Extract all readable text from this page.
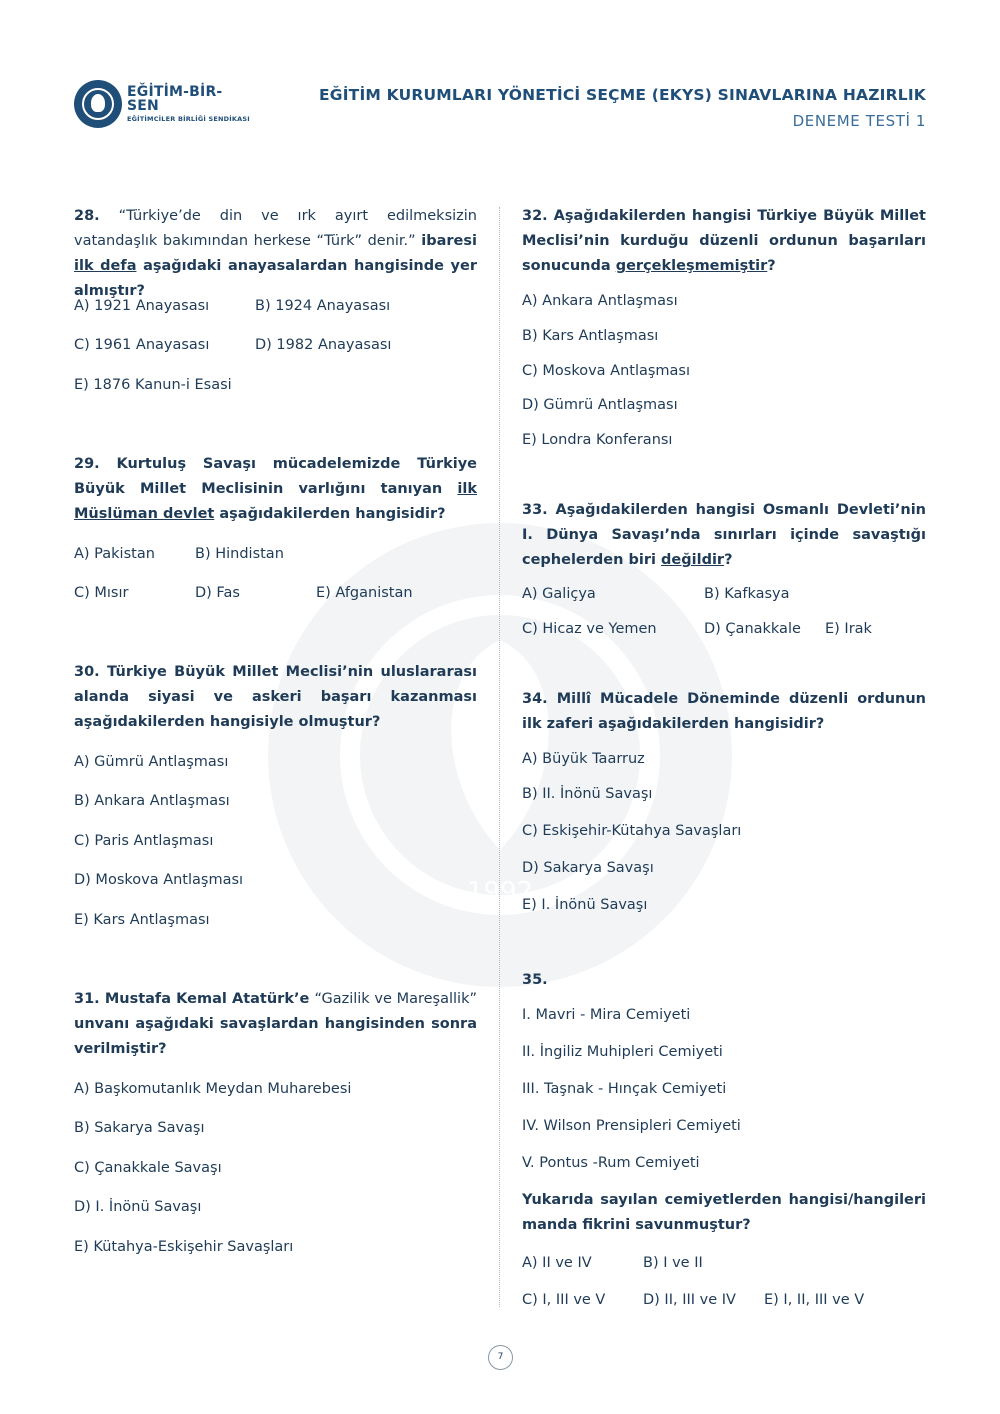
EĞİTİM-BİR-SEN
EĞİTİMCİLER BİRLİĞİ SENDİKASI
EĞİTİM KURUMLARI YÖNETİCİ SEÇME (EKYS) SINAVLARINA HAZIRLIK
DENEME TESTİ 1
1992
28. “Türkiye’de din ve ırk ayırt edilmeksizin vatandaşlık bakımından herkese “Türk” denir.” ibaresi ilk defa aşağıdaki anayasalardan hangisinde yer almıştır?
A) 1921 Anayasası	B) 1924 Anayasası
C) 1961 Anayasası	D) 1982 Anayasası
E) 1876 Kanun-i Esasi
29. Kurtuluş Savaşı mücadelemizde Türkiye Büyük Millet Meclisinin varlığını tanıyan ilk Müslüman devlet aşağıdakilerden hangisidir?
A) Pakistan	B) Hindistan
C) Mısır	D) Fas	E) Afganistan
30. Türkiye Büyük Millet Meclisi’nin uluslararası alanda siyasi ve askeri başarı kazanması aşağıdakilerden hangisiyle olmuştur?
A) Gümrü Antlaşması
B) Ankara Antlaşması
C) Paris Antlaşması
D) Moskova Antlaşması
E) Kars Antlaşması
31. Mustafa Kemal Atatürk’e “Gazilik ve Mareşallik” unvanı aşağıdaki savaşlardan hangisinden sonra verilmiştir?
A) Başkomutanlık Meydan Muharebesi
B) Sakarya Savaşı
C) Çanakkale Savaşı
D) I. İnönü Savaşı
E) Kütahya-Eskişehir Savaşları
32. Aşağıdakilerden hangisi Türkiye Büyük Millet Meclisi’nin kurduğu düzenli ordunun başarıları sonucunda gerçekleşmemiştir?
A) Ankara Antlaşması
B) Kars Antlaşması
C) Moskova Antlaşması
D) Gümrü Antlaşması
E) Londra Konferansı
33. Aşağıdakilerden hangisi Osmanlı Devleti’nin I. Dünya Savaşı’nda sınırları içinde savaştığı cephelerden biri değildir?
A) Galiçya	B) Kafkasya
C) Hicaz ve Yemen	D) Çanakkale E) Irak
34. Millî Mücadele Döneminde düzenli ordunun ilk zaferi aşağıdakilerden hangisidir?
A) Büyük Taarruz
B) II. İnönü Savaşı
C) Eskişehir-Kütahya Savaşları
D) Sakarya Savaşı
E) I. İnönü Savaşı
35.
I. Mavri - Mira Cemiyeti
II. İngiliz Muhipleri Cemiyeti
III. Taşnak - Hınçak Cemiyeti
IV. Wilson Prensipleri Cemiyeti
V. Pontus -Rum Cemiyeti
Yukarıda sayılan cemiyetlerden hangisi/hangileri manda fikrini savunmuştur?
A) II ve IV	B) I ve II
C) I, III ve V	D) II, III ve IV E) I, II, III ve V
7
